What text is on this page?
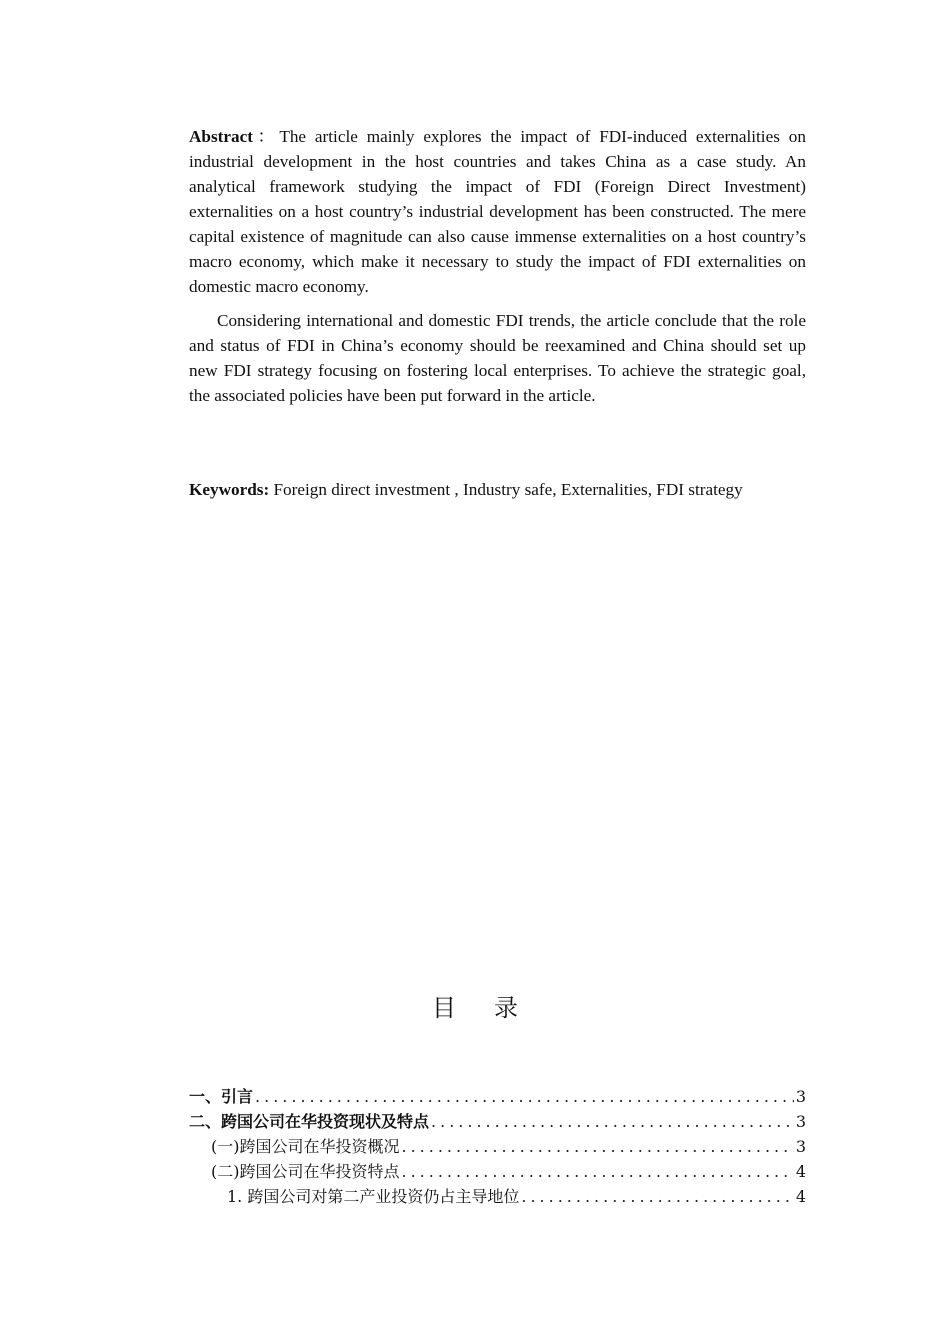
Abstract：The article mainly explores the impact of FDI-induced externalities on industrial development in the host countries and takes China as a case study. An analytical framework studying the impact of FDI (Foreign Direct Investment) externalities on a host country’s industrial development has been constructed. The mere capital existence of magnitude can also cause immense externalities on a host country’s macro economy, which make it necessary to study the impact of FDI externalities on domestic macro economy.

Considering international and domestic FDI trends, the article conclude that the role and status of FDI in China’s economy should be reexamined and China should set up new FDI strategy focusing on fostering local enterprises. To achieve the strategic goal, the associated policies have been put forward in the article.

Keywords: Foreign direct investment , Industry safe, Externalities, FDI strategy
目录
一、引言 .....	3
二、跨国公司在华投资现状及特点 .....	3
(一)跨国公司在华投资概况 .....	3
(二)跨国公司在华投资特点 .....	4
1. 跨国公司对第二产业投资仍占主导地位 .....	4
